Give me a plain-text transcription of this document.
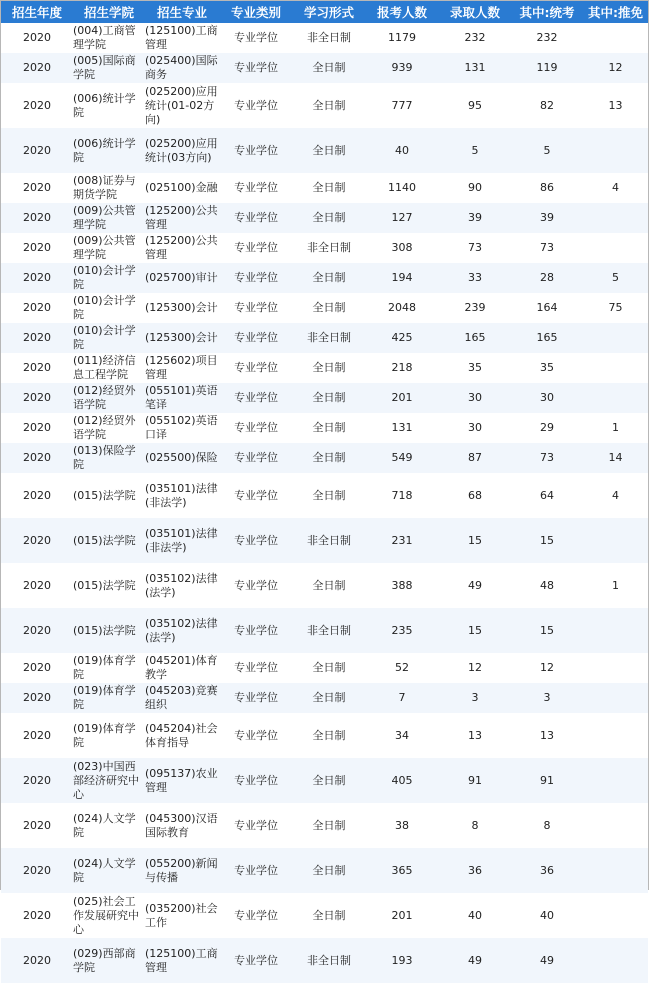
招生年度	招生学院	招生专业	专业类别	学习形式	报考人数	录取人数	其中:统考	其中:推免
2020	(004)工商管理学院	(125100)工商管理	专业学位	非全日制	1179	232	232	
2020	(005)国际商学院	(025400)国际商务	专业学位	全日制	939	131	119	12
2020	(006)统计学院	(025200)应用统计(01-02方向)	专业学位	全日制	777	95	82	13
2020	(006)统计学院	(025200)应用统计(03方向)	专业学位	全日制	40	5	5	
2020	(008)证券与期货学院	(025100)金融	专业学位	全日制	1140	90	86	4
2020	(009)公共管理学院	(125200)公共管理	专业学位	全日制	127	39	39	
2020	(009)公共管理学院	(125200)公共管理	专业学位	非全日制	308	73	73	
2020	(010)会计学院	(025700)审计	专业学位	全日制	194	33	28	5
2020	(010)会计学院	(125300)会计	专业学位	全日制	2048	239	164	75
2020	(010)会计学院	(125300)会计	专业学位	非全日制	425	165	165	
2020	(011)经济信息工程学院	(125602)项目管理	专业学位	全日制	218	35	35	
2020	(012)经贸外语学院	(055101)英语笔译	专业学位	全日制	201	30	30	
2020	(012)经贸外语学院	(055102)英语口译	专业学位	全日制	131	30	29	1
2020	(013)保险学院	(025500)保险	专业学位	全日制	549	87	73	14
2020	(015)法学院	(035101)法律(非法学)	专业学位	全日制	718	68	64	4
2020	(015)法学院	(035101)法律(非法学)	专业学位	非全日制	231	15	15	
2020	(015)法学院	(035102)法律(法学)	专业学位	全日制	388	49	48	1
2020	(015)法学院	(035102)法律(法学)	专业学位	非全日制	235	15	15	
2020	(019)体育学院	(045201)体育教学	专业学位	全日制	52	12	12	
2020	(019)体育学院	(045203)竞赛组织	专业学位	全日制	7	3	3	
2020	(019)体育学院	(045204)社会体育指导	专业学位	全日制	34	13	13	
2020	(023)中国西部经济研究中心	(095137)农业管理	专业学位	全日制	405	91	91	
2020	(024)人文学院	(045300)汉语国际教育	专业学位	全日制	38	8	8	
2020	(024)人文学院	(055200)新闻与传播	专业学位	全日制	365	36	36	
2020	(025)社会工作发展研究中心	(035200)社会工作	专业学位	全日制	201	40	40	
2020	(029)西部商学院	(125100)工商管理	专业学位	非全日制	193	49	49	
